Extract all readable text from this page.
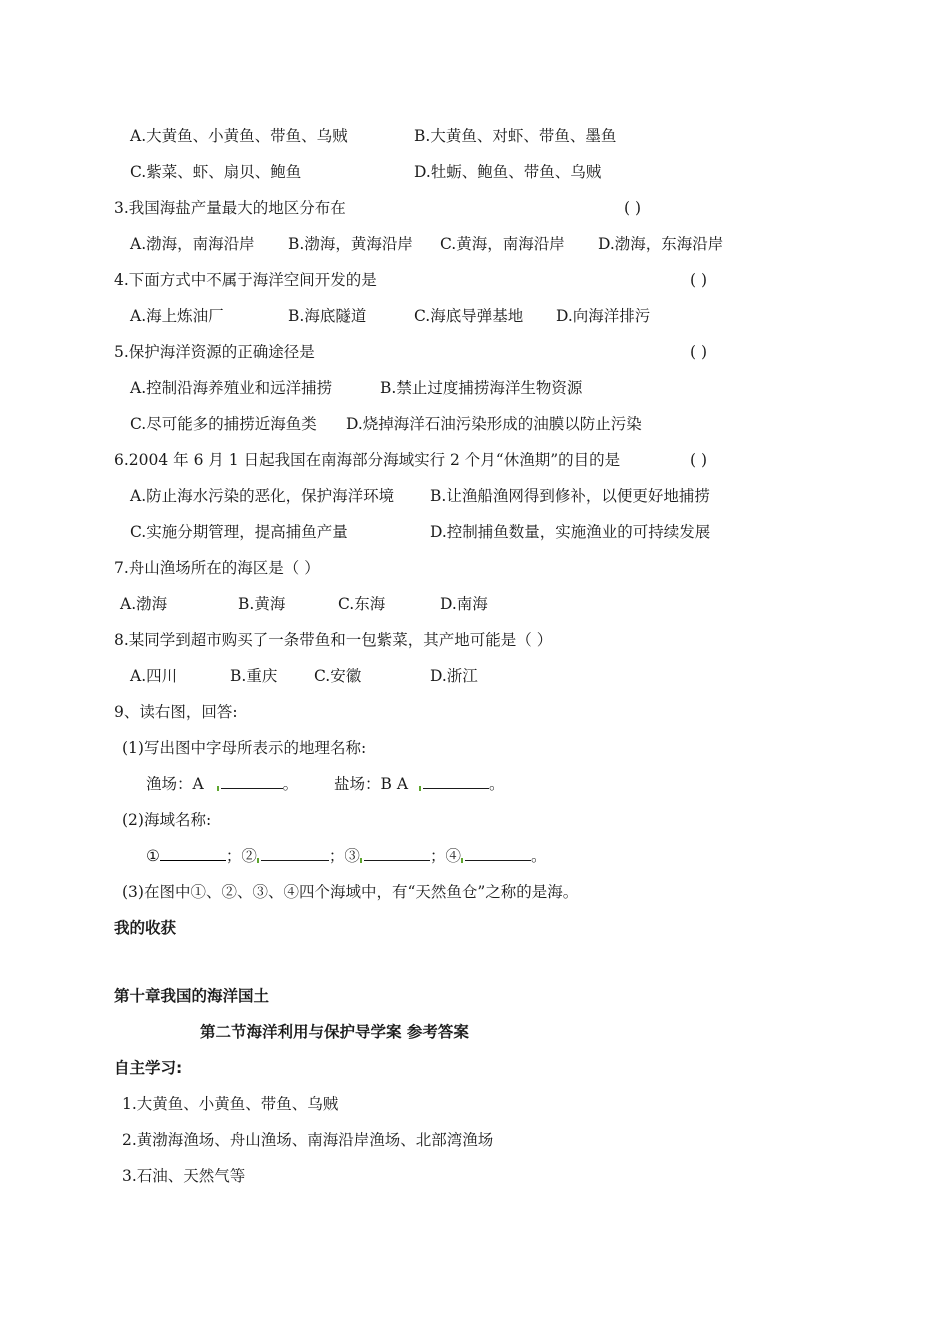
A.大黄鱼、小黄鱼、带鱼、乌贼	B.大黄鱼、对虾、带鱼、墨鱼
C.紫菜、虾、扇贝、鲍鱼	D.牡蛎、鲍鱼、带鱼、乌贼
3.我国海盐产量最大的地区分布在	( )
A.渤海，南海沿岸 B.渤海，黄海沿岸 C.黄海，南海沿岸 D.渤海，东海沿岸
4.下面方式中不属于海洋空间开发的是	( )
A.海上炼油厂	B.海底隧道	C.海底导弹基地 D.向海洋排污
5.保护海洋资源的正确途径是	( )
A.控制沿海养殖业和远洋捕捞	B.禁止过度捕捞海洋生物资源
C.尽可能多的捕捞近海鱼类 D.烧掉海洋石油污染形成的油膜以防止污染
6.2004 年 6 月 1 日起我国在南海部分海域实行 2 个月“休渔期”的目的是	( )
A.防止海水污染的恶化，保护海洋环境 B.让渔船渔网得到修补，以便更好地捕捞
C.实施分期管理，提高捕鱼产量	D.控制捕鱼数量，实施渔业的可持续发展
7.舟山渔场所在的海区是（ ）
A.渤海	B.黄海	C.东海	D.南海
8.某同学到超市购买了一条带鱼和一包紫菜，其产地可能是（ ）
A.四川	B.重庆 C.安徽	D.浙江
9、读右图，回答:
(1)写出图中字母所表示的地理名称:
渔场：A	。 盐场：B A	。
(2)海域名称:
①	；②	；③	；④	。
(3)在图中①、②、③、④四个海域中，有“天然鱼仓”之称的是海。
我的收获
第十章我国的海洋国土
第二节海洋利用与保护导学案 参考答案
自主学习:
1.大黄鱼、小黄鱼、带鱼、乌贼
2.黄渤海渔场、舟山渔场、南海沿岸渔场、北部湾渔场
3.石油、天然气等
